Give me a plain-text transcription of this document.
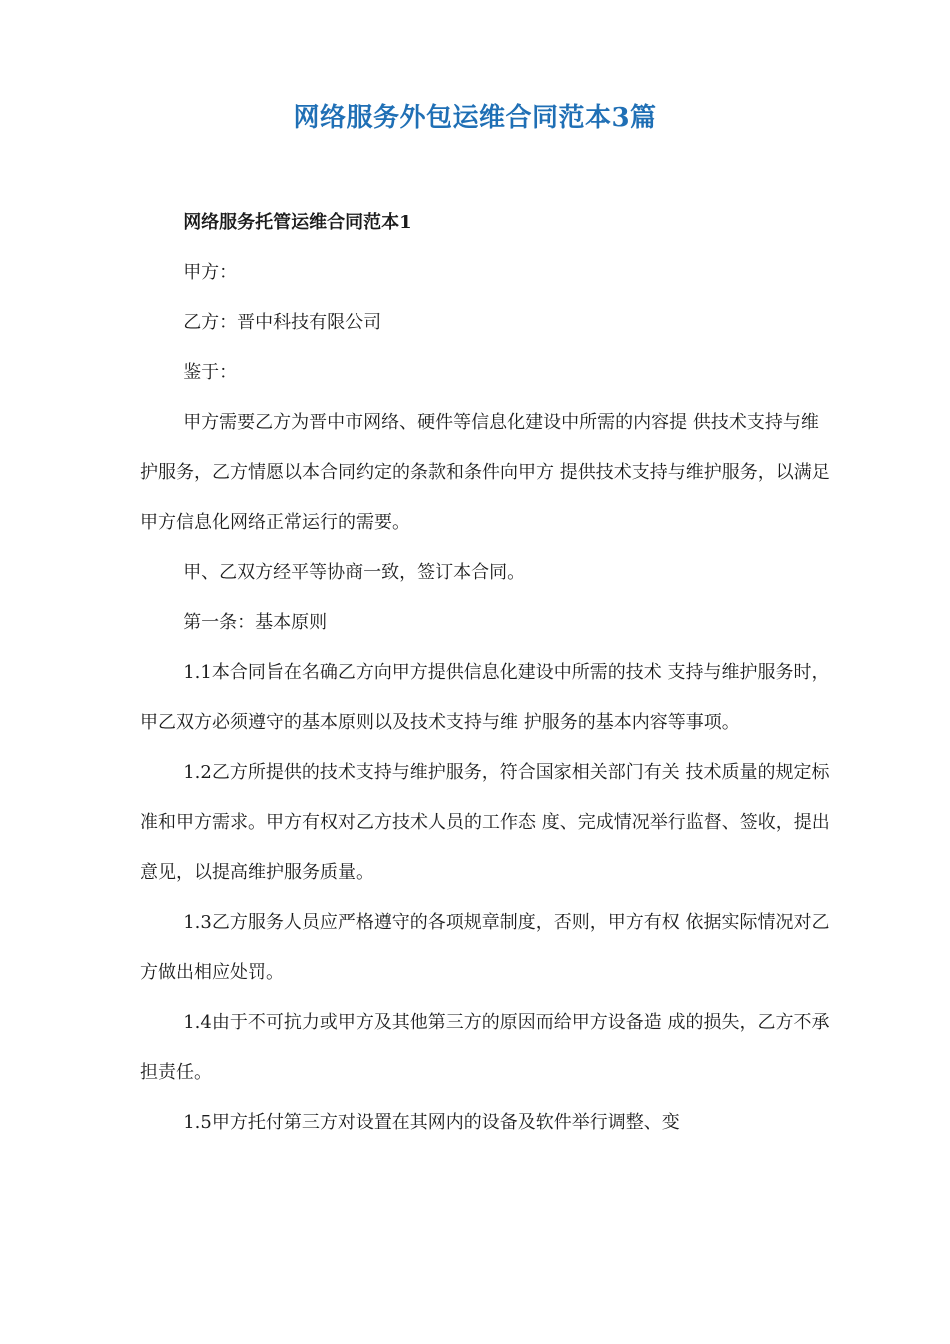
网络服务外包运维合同范本3篇

网络服务托管运维合同范本1

甲方：

乙方：晋中科技有限公司

鉴于：

甲方需要乙方为晋中市网络、硬件等信息化建设中所需的内容提 供技术支持与维护服务，乙方情愿以本合同约定的条款和条件向甲方 提供技术支持与维护服务，以满足甲方信息化网络正常运行的需要。

甲、乙双方经平等协商一致，签订本合同。

第一条：基本原则

1.1本合同旨在名确乙方向甲方提供信息化建设中所需的技术 支持与维护服务时，甲乙双方必须遵守的基本原则以及技术支持与维 护服务的基本内容等事项。

1.2乙方所提供的技术支持与维护服务，符合国家相关部门有关 技术质量的规定标准和甲方需求。甲方有权对乙方技术人员的工作态 度、完成情况举行监督、签收，提出意见，以提高维护服务质量。

1.3乙方服务人员应严格遵守的各项规章制度，否则，甲方有权 依据实际情况对乙方做出相应处罚。

1.4由于不可抗力或甲方及其他第三方的原因而给甲方设备造 成的损失，乙方不承担责任。

1.5甲方托付第三方对设置在其网内的设备及软件举行调整、变
